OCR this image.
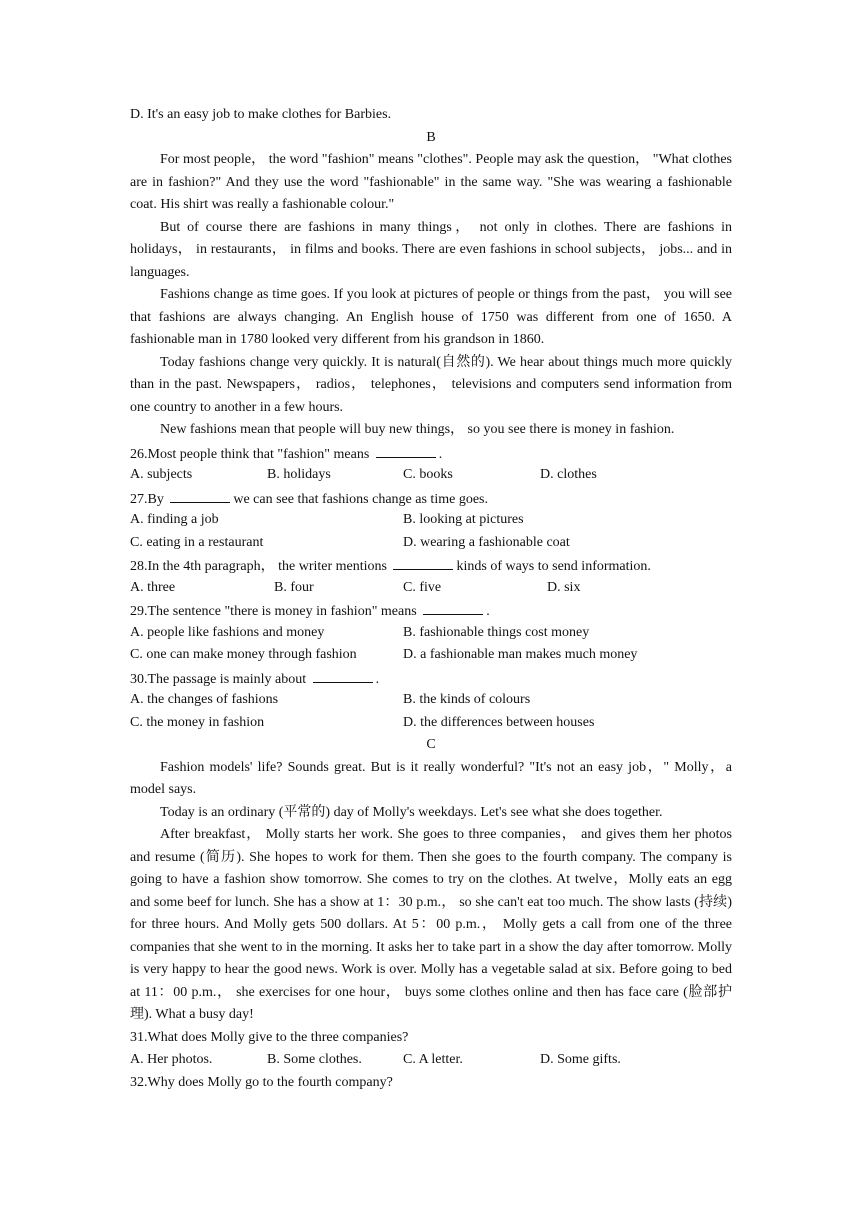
D. It's an easy job to make clothes for Barbies.
B

For most people， the word "fashion" means "clothes". People may ask the question， "What clothes are in fashion?" And they use the word "fashionable" in the same way. "She was wearing a fashionable coat. His shirt was really a fashionable colour."

But of course there are fashions in many things， not only in clothes. There are fashions in holidays， in restaurants， in films and books. There are even fashions in school subjects， jobs... and in languages.

Fashions change as time goes. If you look at pictures of people or things from the past， you will see that fashions are always changing. An English house of 1750 was different from one of 1650. A fashionable man in 1780 looked very different from his grandson in 1860.

Today fashions change very quickly. It is natural(自然的). We hear about things much more quickly than in the past. Newspapers， radios， telephones， televisions and computers send information from one country to another in a few hours.

New fashions mean that people will buy new things， so you see there is money in fashion.

26.Most people think that "fashion" means	.
A. subjects	B. holidays	C. books	D. clothes
27.By	we can see that fashions change as time goes.
A. finding a job	B. looking at pictures
C. eating in a restaurant	D. wearing a fashionable coat
28.In the 4th paragraph， the writer mentions	kinds of ways to send information.
A. three	B. four	C. five	D. six
29.The sentence "there is money in fashion" means	.
A. people like fashions and money	B. fashionable things cost money
C. one can make money through fashion	D. a fashionable man makes much money
30.The passage is mainly about	.
A. the changes of fashions	B. the kinds of colours
C. the money in fashion	D. the differences between houses
C

Fashion models' life? Sounds great. But is it really wonderful? "It's not an easy job，" Molly，a model says.

Today is an ordinary (平常的) day of Molly's weekdays. Let's see what she does together.

After breakfast， Molly starts her work. She goes to three companies， and gives them her photos and resume (简历). She hopes to work for them. Then she goes to the fourth company. The company is going to have a fashion show tomorrow. She comes to try on the clothes. At twelve，Molly eats an egg and some beef for lunch. She has a show at 1：30 p.m.， so she can't eat too much. The show lasts (持续) for three hours. And Molly gets 500 dollars. At 5：00 p.m.， Molly gets a call from one of the three companies that she went to in the morning. It asks her to take part in a show the day after tomorrow. Molly is very happy to hear the good news. Work is over. Molly has a vegetable salad at six. Before going to bed at 11：00 p.m.， she exercises for one hour， buys some clothes online and then has face care (脸部护理). What a busy day!

31.What does Molly give to the three companies?
A. Her photos.	B. Some clothes.	C. A letter.	D. Some gifts.
32.Why does Molly go to the fourth company?
